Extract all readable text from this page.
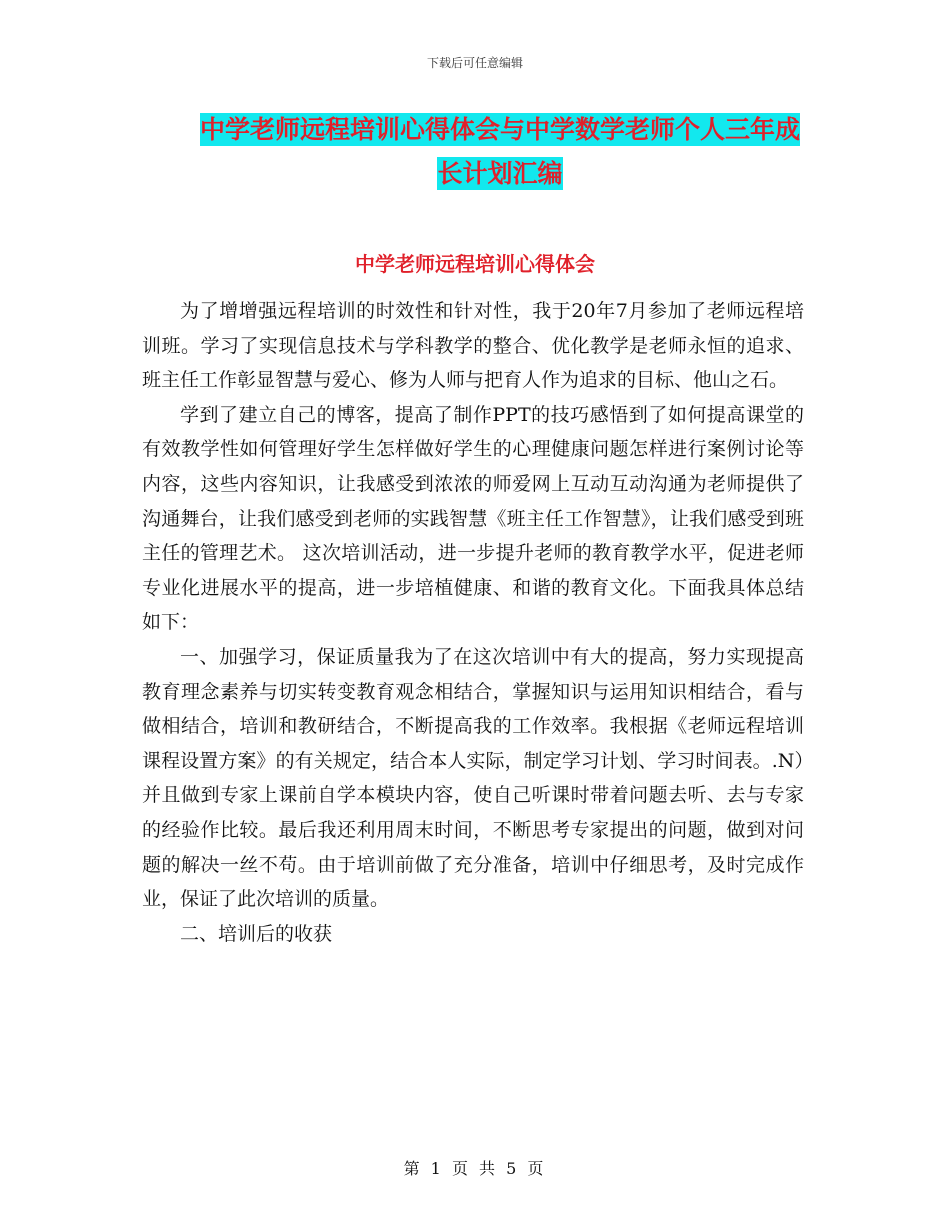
下载后可任意编辑
中学老师远程培训心得体会与中学数学老师个人三年成长计划汇编
中学老师远程培训心得体会

为了增增强远程培训的时效性和针对性，我于20年7月参加了老师远程培训班。学习了实现信息技术与学科教学的整合、优化教学是老师永恒的追求、班主任工作彰显智慧与爱心、修为人师与把育人作为追求的目标、他山之石。

学到了建立自己的博客，提高了制作PPT的技巧感悟到了如何提高课堂的有效教学性如何管理好学生怎样做好学生的心理健康问题怎样进行案例讨论等内容，这些内容知识，让我感受到浓浓的师爱网上互动互动沟通为老师提供了沟通舞台，让我们感受到老师的实践智慧《班主任工作智慧》，让我们感受到班主任的管理艺术。 这次培训活动，进一步提升老师的教育教学水平，促进老师专业化进展水平的提高，进一步培植健康、和谐的教育文化。下面我具体总结如下：

一、加强学习，保证质量我为了在这次培训中有大的提高，努力实现提高教育理念素养与切实转变教育观念相结合，掌握知识与运用知识相结合，看与做相结合，培训和教研结合，不断提高我的工作效率。我根据《老师远程培训课程设置方案》的有关规定，结合本人实际，制定学习计划、学习时间表。.N）并且做到专家上课前自学本模块内容，使自己听课时带着问题去听、去与专家的经验作比较。最后我还利用周末时间，不断思考专家提出的问题，做到对问题的解决一丝不苟。由于培训前做了充分准备，培训中仔细思考，及时完成作业，保证了此次培训的质量。

二、培训后的收获

第 1 页 共 5 页
